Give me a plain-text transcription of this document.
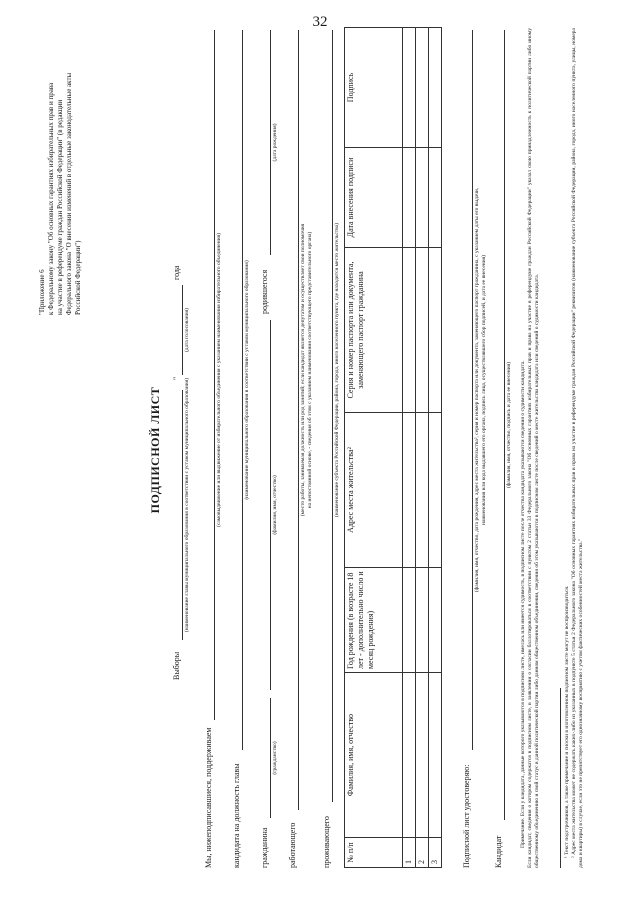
32
"Приложение 6 к Федеральному закону "Об основных гарантиях избирательных прав и права на участие в референдуме граждан Российской Федерации" (в редакции Федерального закона "О внесении изменений в отдельные законодательные акты Российской Федерации")
ПОДПИСНОЙ ЛИСТ
Выборы
(наименование главы муниципального образования в соответствии с уставом муниципального образования)
"
года
(дата голосования)
Мы, нижеподписавшиеся, поддерживаем
(самовыдвижение или выдвижение от избирательного объединения с указанием наименования избирательного объединения)
кандидата на должность главы
(наименование муниципального образования в соответствии с уставом муниципального образования)
гражданина
(гражданство)
(фамилия, имя, отчество)
родившегося
(дата рождения)
работающего
(место работы, занимаемая должность или род занятий; если кандидат является депутатом и осуществляет свои полномочия на непостоянной основе, - сведения об этом с указанием наименования соответствующего представительного органа)
проживающего
(наименование субъекта Российской Федерации, района, города, иного населенного пункта, где находится место жительства)
№ п/п	Фамилия, имя, отчество	Год рождения (в возрасте 18 лет - дополнительно число и месяц рождения)	Адрес места жительства²	Серия и номер паспорта или документа, заменяющего паспорт гражданина	Дата внесения подписи	Подпись
1						
2						
3							Подписной лист удостоверяю:
(фамилия, имя, отчество, дата рождения, адрес места жительства², серия и номер паспорта или документа, заменяющего паспорт гражданина, с указанием даты его выдачи, наименования или кода выдавшего его органа, подпись лица, осуществлявшего сбор подписей, и дата ее внесения)
Кандидат
(фамилия, имя, отчество, подпись и дата ее внесения) Примечание. Если у кандидата, данные которого указываются в подписном листе, имелась или имеется судимость, в подписном листе после отчества кандидата указываются сведения о судимости кандидата. Если кандидат, сведения о котором содержатся в подписном листе, в заявлении о согласии баллотироваться в соответствии с пунктом 2 статьи 33 Федерального закона "Об основных гарантиях избирательных прав и права на участие в референдуме граждан Российской Федерации" указал свою принадлежность к политической партии либо иному общественному объединению и свой статус в данной политической партии либо данном общественном объединении, сведения об этом указываются в подписном листе после сведений о месте жительства кандидата или сведений о судимости кандидата.	¹ Текст подстрочников, а также примечание и сноски в изготовленном подписном листе могут не воспроизводиться. ² Адрес места жительства может не содержать каких-либо из указанных в подпункте 5 статьи 2 Федерального закона "Об основных гарантиях избирательных прав и права на участие в референдуме граждан Российской Федерации" реквизитов (наименование субъекта Российской Федерации, района, города, иного населенного пункта, улицы, номера дома и квартиры) в случае, если это не препятствует его однозначному восприятию с учетом фактических особенностей места жительства."
